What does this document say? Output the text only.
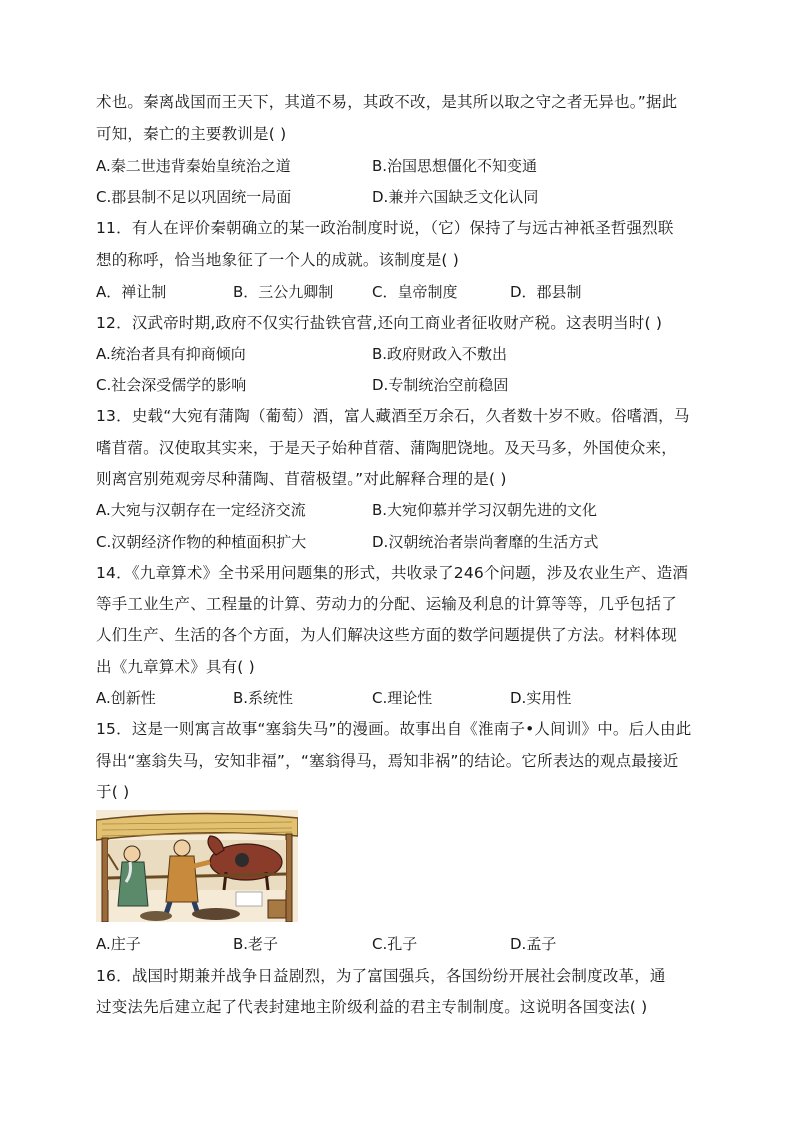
术也。秦离战国而王天下，其道不易，其政不改，是其所以取之守之者无异也。”据此
可知，秦亡的主要教训是( )
A.秦二世违背秦始皇统治之道	B.治国思想僵化不知变通
C.郡县制不足以巩固统一局面	D.兼并六国缺乏文化认同
11．有人在评价秦朝确立的某一政治制度时说，（它）保持了与远古神祇圣哲强烈联
想的称呼，恰当地象征了一个人的成就。该制度是( )
A．禅让制	B．三公九卿制	C．皇帝制度	D．郡县制
12．汉武帝时期,政府不仅实行盐铁官营,还向工商业者征收财产税。这表明当时( )
A.统治者具有抑商倾向	B.政府财政入不敷出
C.社会深受儒学的影响	D.专制统治空前稳固
13．史载“大宛有蒲陶（葡萄）酒，富人藏酒至万余石，久者数十岁不败。俗嗜酒，马
嗜苜蓿。汉使取其实来，于是天子始种苜蓿、蒲陶肥饶地。及天马多，外国使众来，
则离宫别苑观旁尽种蒲陶、苜蓿极望。”对此解释合理的是( )
A.大宛与汉朝存在一定经济交流	B.大宛仰慕并学习汉朝先进的文化
C.汉朝经济作物的种植面积扩大	D.汉朝统治者崇尚奢靡的生活方式
14．《九章算术》全书采用问题集的形式，共收录了246个问题，涉及农业生产、造酒
等手工业生产、工程量的计算、劳动力的分配、运输及利息的计算等等，几乎包括了
人们生产、生活的各个方面，为人们解决这些方面的数学问题提供了方法。材料体现
出《九章算术》具有( )
A.创新性	B.系统性	C.理论性	D.实用性
15．这是一则寓言故事“塞翁失马”的漫画。故事出自《淮南子•人间训》中。后人由此
得出“塞翁失马，安知非福”，“塞翁得马，焉知非祸”的结论。它所表达的观点最接近
于( )
A.庄子	B.老子	C.孔子	D.孟子
16．战国时期兼并战争日益剧烈，为了富国强兵，各国纷纷开展社会制度改革，通
过变法先后建立起了代表封建地主阶级利益的君主专制制度。这说明各国变法( )
